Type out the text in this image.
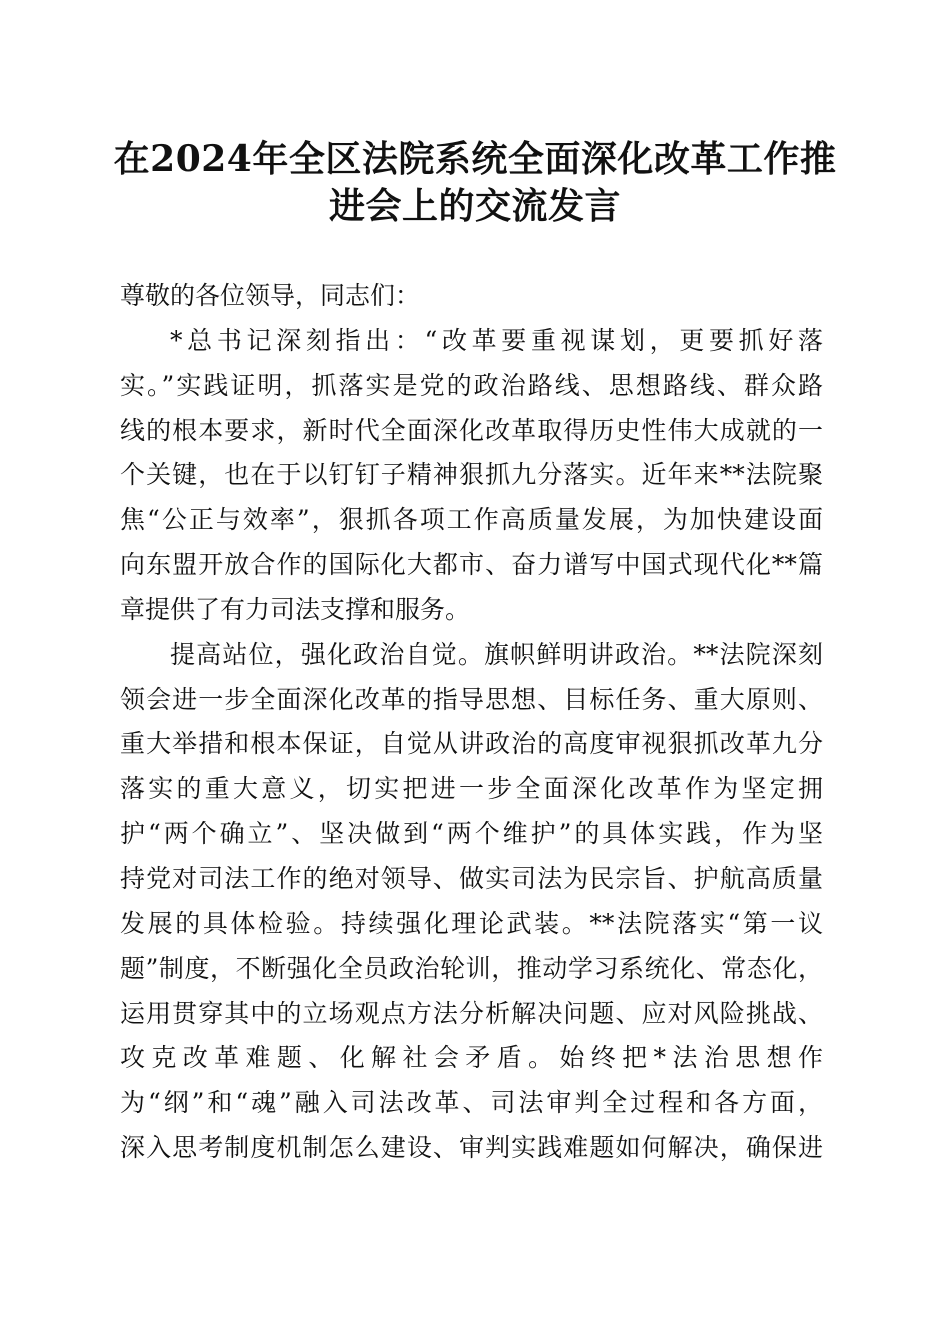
在2024年全区法院系统全面深化改革工作推
进会上的交流发言
尊敬的各位领导，同志们：
*总书记深刻指出：“改革要重视谋划，更要抓好落
实。”实践证明，抓落实是党的政治路线、思想路线、群众路
线的根本要求，新时代全面深化改革取得历史性伟大成就的一
个关键，也在于以钉钉子精神狠抓九分落实。近年来**法院聚
焦“公正与效率”，狠抓各项工作高质量发展，为加快建设面
向东盟开放合作的国际化大都市、奋力谱写中国式现代化**篇
章提供了有力司法支撑和服务。
提高站位，强化政治自觉。旗帜鲜明讲政治。**法院深刻
领会进一步全面深化改革的指导思想、目标任务、重大原则、
重大举措和根本保证，自觉从讲政治的高度审视狠抓改革九分
落实的重大意义，切实把进一步全面深化改革作为坚定拥
护“两个确立”、坚决做到“两个维护”的具体实践，作为坚
持党对司法工作的绝对领导、做实司法为民宗旨、护航高质量
发展的具体检验。持续强化理论武装。**法院落实“第一议
题”制度，不断强化全员政治轮训，推动学习系统化、常态化，
运用贯穿其中的立场观点方法分析解决问题、应对风险挑战、
攻克改革难题、化解社会矛盾。始终把*法治思想作
为“纲”和“魂”融入司法改革、司法审判全过程和各方面，
深入思考制度机制怎么建设、审判实践难题如何解决，确保进
